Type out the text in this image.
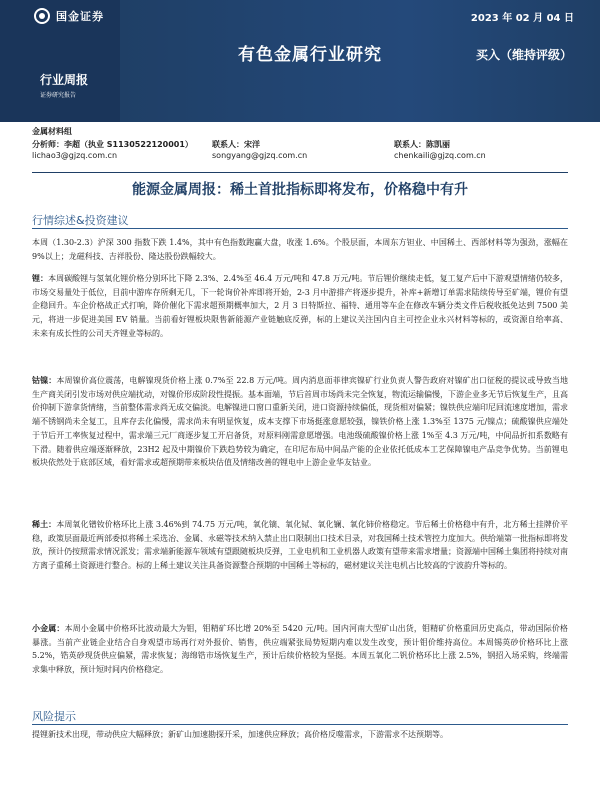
国金证券	2023 年 02 月 04 日
有色金属行业研究	买入（维持评级）
行业周报
证券研究报告
金属材料组
分析师：李超（执业 S1130522120001） 联系人：宋洋	联系人：陈凯丽
lichao3@gjzq.com.cn	songyang@gjzq.com.cn	chenkaili@gjzq.com.cn
能源金属周报：稀土首批指标即将发布，价格稳中有升
行情综述&投资建议

本周（1.30-2.3）沪深 300 指数下跌 1.4%，其中有色指数跑赢大盘，收涨 1.6%。个股层面，本周东方钽业、中国稀土、西部材料等为强劲，涨幅在 9%以上；龙磁科技、吉祥股份、隆达股份跌幅较大。

锂：本周碳酸锂与氢氧化锂价格分别环比下降 2.3%、2.4%至 46.4 万元/吨和 47.8 万元/吨。节后锂价继续走低，复工复产后中下游观望情绪仍较多，市场交易量处于低位，目前中游库存所剩无几，下一轮询价补库即将开始，2-3 月中游排产将逐步提升，补库+新增订单需求陆续传导至矿端，锂价有望企稳回升。车企价格战正式打响，降价催化下需求超预期概率加大，2 月 3 日特斯拉、福特、通用等车企在修改车辆分类文件后税收抵免达到 7500 美元，将进一步促进美国 EV 销量。当前看好锂板块限售新能源产业链触底反弹，标的上建议关注国内自主可控企业永兴材料等标的，或资源自给率高、未来有成长性的公司天齐锂业等标的。

钴镍：本周镍价高位震荡，电解镍现货价格上涨 0.7%至 22.8 万元/吨。周内消息面菲律宾镍矿行业负责人警告政府对镍矿出口征税的提议或导致当地生产商关闭引发市场对供应端扰动，对镍价形成阶段性提振。基本面端，节后首周市场尚未完全恢复，物流运输偏慢，下游企业多无节后恢复生产，且高价抑制下游拿货情绪，当前整体需求尚无成交偏淡。电解镍进口窗口重新关闭，进口资源持续偏低，现货相对偏紧；镍铁供应端印尼回流速度增加，需求端不锈钢尚未全复工，且库存去化偏慢，需求尚未有明显恢复，成本支撑下市场挺涨意愿较强，镍铁价格上涨 1.3%至 1375 元/镍点；硫酸镍供应端处于节后开工率恢复过程中，需求端三元厂商逐步复工开启备货，对原料刚需意愿增强。电池级硫酸镍价格上涨 1%至 4.3 万元/吨，中间品折扣系数略有下滑。随着供应端逐渐释放，23H2 起及中期镍价下跌趋势较为确定，在印尼布局中间品产能的企业依托低成本工艺保障镍电产品竞争优势。当前锂电板块依然处于底部区域，看好需求或超预期带来板块估值及情绪改善的锂电中上游企业华友钴业。

稀土：本周氧化镨钕价格环比上涨 3.46%到 74.75 万元/吨，氧化镝、氧化铽、氧化镧、氧化铈价格稳定。节后稀土价格稳中有升，北方稀土挂牌价平稳，政策层面最近两部委拟将稀土采选冶、金属、永磁等技术纳入禁止出口限制出口技术目录，对我国稀土技术管控力度加大。供给端第一批指标即将发放，预计仍按照需求情况派发；需求端新能源车领域有望跟随板块反弹，工业电机和工业机器人政策有望带来需求增量；资源端中国稀土集团将持续对南方离子重稀土资源进行整合。标的上稀土建议关注具备资源整合预期的中国稀土等标的，磁材建议关注电机占比较高的宁波韵升等标的。

小金属：本周小金属中价格环比波动最大为钼，钼精矿环比增 20%至 5420 元/吨。国内河南大型矿山出货，钼精矿价格重回历史高点，带动国际价格暴涨。当前产业链企业结合自身观望市场再行对外报价、销售，供应端紧张局势短期内难以发生改变，预计钼价维持高位。本周锡英砂价格环比上涨 5.2%，锆英砂现货供应偏紧，需求恢复；海绵锆市场恢复生产，预计后续价格较为坚挺。本周五氧化二钒价格环比上涨 2.5%，钢招入场采购，终端需求集中释放，预计短时间内价格稳定。

风险提示

提锂新技术出现，带动供应大幅释放；新矿山加速勘探开采，加速供应释放；高价格反噬需求，下游需求不达预期等。
